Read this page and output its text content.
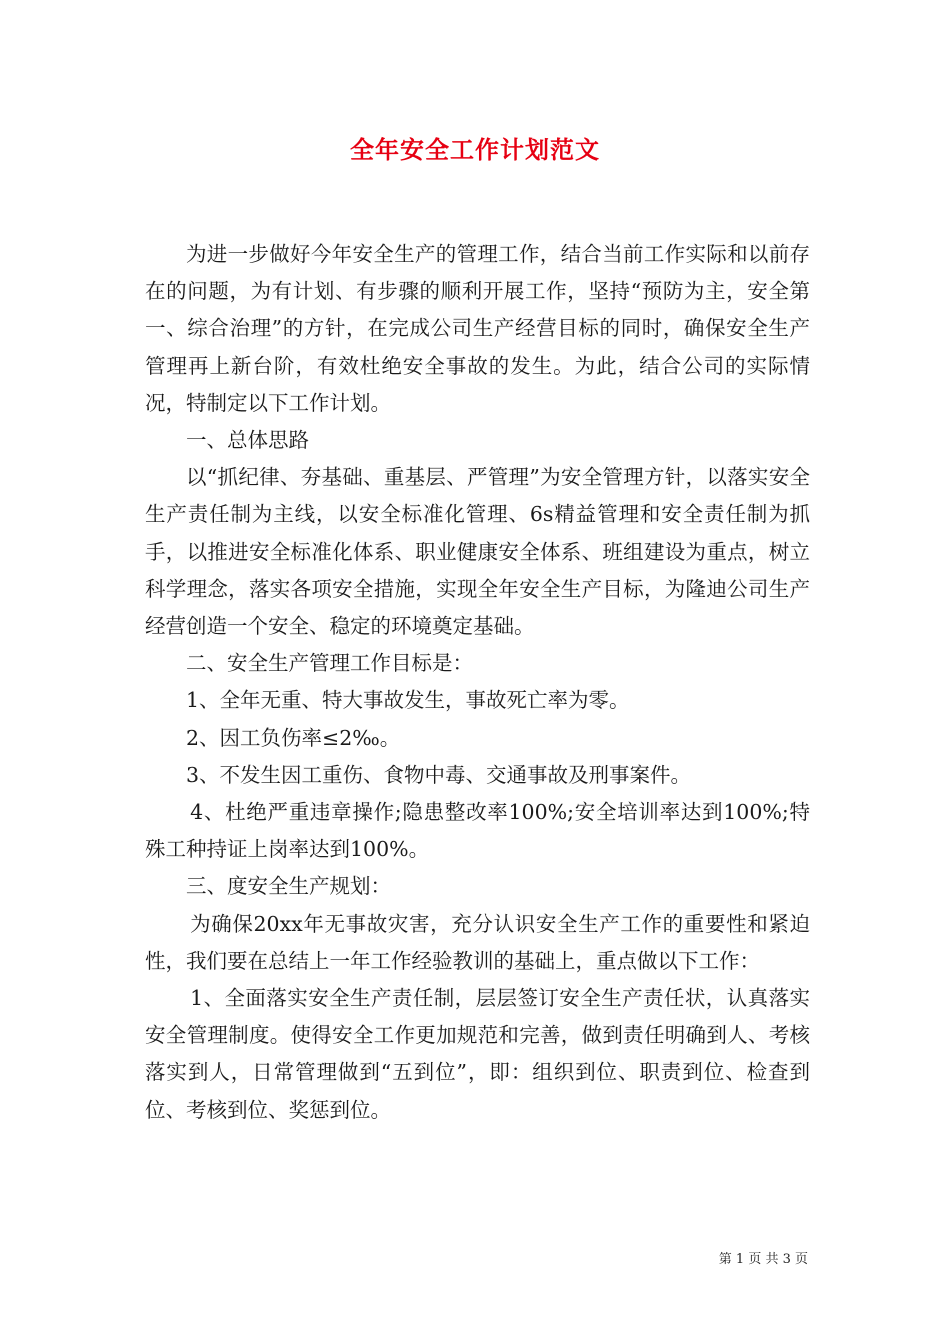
全年安全工作计划范文

为进一步做好今年安全生产的管理工作，结合当前工作实际和以前存在的问题，为有计划、有步骤的顺利开展工作，坚持“预防为主，安全第一、综合治理”的方针，在完成公司生产经营目标的同时，确保安全生产管理再上新台阶，有效杜绝安全事故的发生。为此，结合公司的实际情况，特制定以下工作计划。

一、总体思路

以“抓纪律、夯基础、重基层、严管理”为安全管理方针，以落实安全生产责任制为主线，以安全标准化管理、6s精益管理和安全责任制为抓手，以推进安全标准化体系、职业健康安全体系、班组建设为重点，树立科学理念，落实各项安全措施，实现全年安全生产目标，为隆迪公司生产经营创造一个安全、稳定的环境奠定基础。

二、安全生产管理工作目标是：

1、全年无重、特大事故发生，事故死亡率为零。

2、因工负伤率≤2‰。

3、不发生因工重伤、食物中毒、交通事故及刑事案件。

4、杜绝严重违章操作;隐患整改率100%;安全培训率达到100%;特殊工种持证上岗率达到100%。

三、度安全生产规划：

为确保20xx年无事故灾害，充分认识安全生产工作的重要性和紧迫性，我们要在总结上一年工作经验教训的基础上，重点做以下工作：

1、全面落实安全生产责任制，层层签订安全生产责任状，认真落实安全管理制度。使得安全工作更加规范和完善，做到责任明确到人、考核落实到人，日常管理做到“五到位”，即：组织到位、职责到位、检查到位、考核到位、奖惩到位。

第 1 页 共 3 页
